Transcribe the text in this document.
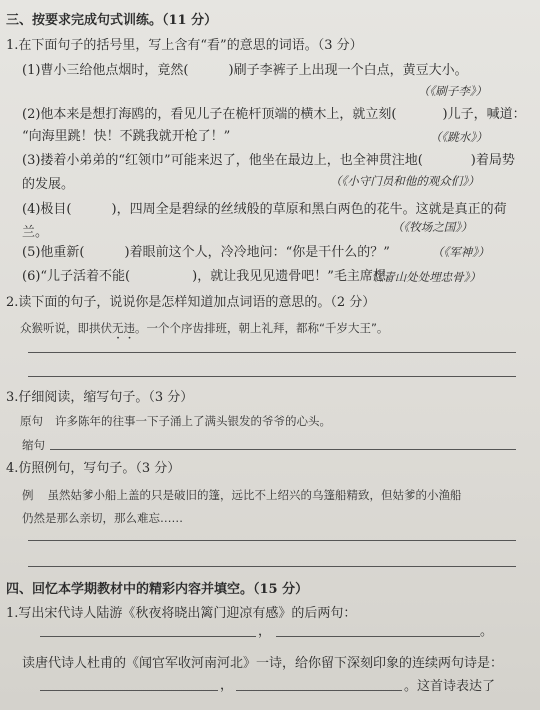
三、按要求完成句式训练。（11 分）
1.在下面句子的括号里，写上含有“看”的意思的词语。（3 分）
(1)曹小三给他点烟时，竟然(	)刷子李裤子上出现一个白点，黄豆大小。
（《刷子李》）
(2)他本来是想打海鸥的，看见儿子在桅杆顶端的横木上，就立刻(	)儿子，喊道：
“向海里跳！快！不跳我就开枪了！”	（《跳水》）
(3)搂着小弟弟的“红领巾”可能来迟了，他坐在最边上，也全神贯注地(	)着局势
的发展。	（《小守门员和他的观众们》）
(4)极目(	)，四周全是碧绿的丝绒般的草原和黑白两色的花牛。这就是真正的荷
兰。	（《牧场之国》）
(5)他重新(	)着眼前这个人，冷冷地问：“你是干什么的？”	（《军神》）
(6)“儿子活着不能(	)，就让我见见遗骨吧！”毛主席想。
（《青山处处埋忠骨》）
2.读下面的句子，说说你是怎样知道加点词语的意思的。（2 分）
众猴听说，即拱伏无违。一个个序齿排班，朝上礼拜，都称“千岁大王”。
3.仔细阅读，缩写句子。（3 分）
原句 许多陈年的往事一下子涌上了满头银发的爷爷的心头。
缩句
4.仿照例句，写句子。（3 分）
例 虽然姑爹小船上盖的只是破旧的篷，远比不上绍兴的乌篷船精致，但姑爹的小渔船
仍然是那么亲切，那么难忘……
四、回忆本学期教材中的精彩内容并填空。（15 分）
1.写出宋代诗人陆游《秋夜将晓出篱门迎凉有感》的后两句：
，	。
读唐代诗人杜甫的《闻官军收河南河北》一诗，给你留下深刻印象的连续两句诗是：
，	。这首诗表达了
